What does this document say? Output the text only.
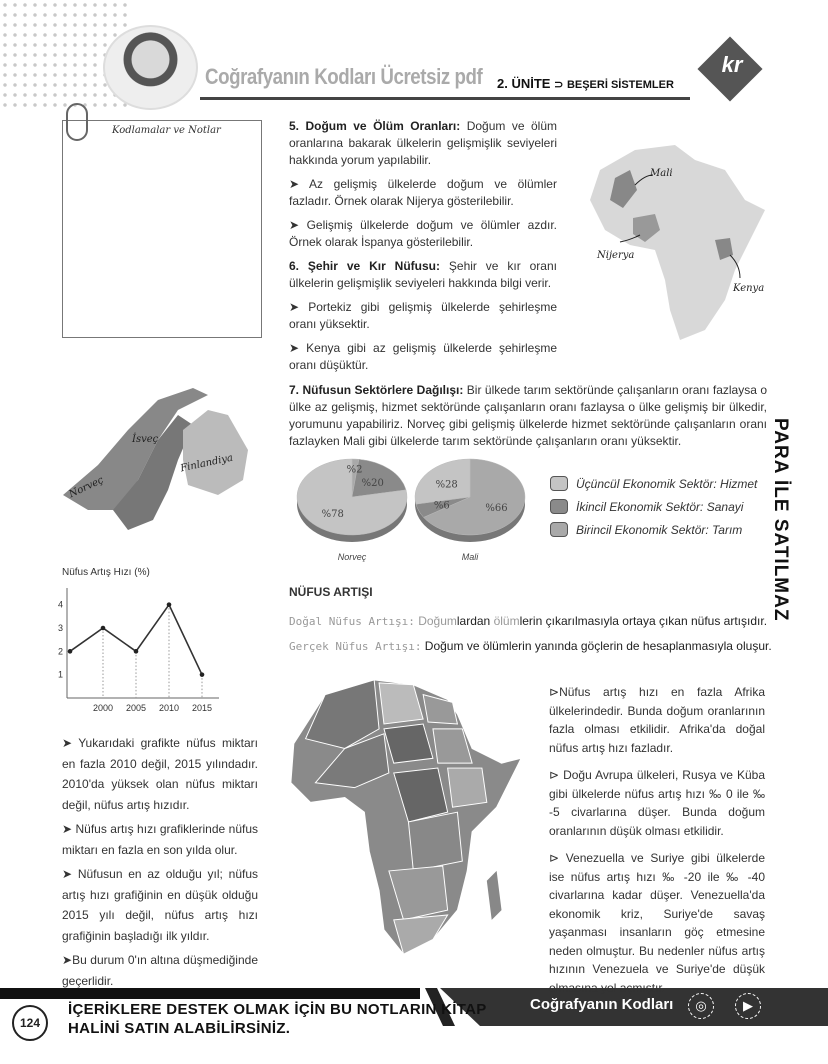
Coğrafyanın Kodları Ücretsiz pdf 2. ÜNİTE ⊃ BEŞERİ SİSTEMLER
kr
Kodlamalar ve Notlar	5. Doğum ve Ölüm Oranları: Doğum ve ölüm oranlarına bakarak ülkelerin gelişmişlik seviyeleri hakkında yorum yapılabilir.

➤ Az gelişmiş ülkelerde doğum ve ölümler fazladır. Örnek olarak Nijerya gösterilebilir.

➤ Gelişmiş ülkelerde doğum ve ölümler azdır. Örnek olarak İspanya gösterilebilir.

6. Şehir ve Kır Nüfusu: Şehir ve kır oranı ülkelerin gelişmişlik seviyeleri hakkında bilgi verir.

➤ Portekiz gibi gelişmiş ülkelerde şehirleşme oranı yüksektir.

➤ Kenya gibi az gelişmiş ülkelerde şehirleşme oranı düşüktür.

Mali
Nijerya
Kenya
İsveç
Norveç
Finlandiya
7. Nüfusun Sektörlere Dağılışı: Bir ülkede tarım sektöründe çalışanların oranı fazlaysa o ülke az gelişmiş, hizmet sektöründe çalışanların oranı fazlaysa o ülke gelişmiş bir ülkedir, yorumunu yapabiliriz. Norveç gibi gelişmiş ülkelerde hizmet sektöründe çalışanların oranı fazlayken Mali gibi ülkelerde tarım sektöründe çalışanların oranı yüksektir.
%2
%20
%78
%66
%6
%28
Norveç	Mali
Üçüncül Ekonomik Sektör: Hizmet
İkincil Ekonomik Sektör: Sanayi
Birincil Ekonomik Sektör: Tarım PARA İLE SATILMAZ
Nüfus Artış Hızı (%)
1
2
3
4
2000 2005 2010 2015

➤ Yukarıdaki grafikte nüfus miktarı en fazla 2010 değil, 2015 yılındadır. 2010'da yüksek olan nüfus miktarı değil, nüfus artış hızıdır.

➤ Nüfus artış hızı grafiklerinde nüfus miktarı en fazla en son yılda olur.

➤ Nüfusun en az olduğu yıl; nüfus artış hızı grafiğinin en düşük olduğu 2015 yılı değil, nüfus artış hızı grafiğinin başladığı ilk yıldır.

➤Bu durum 0'ın altına düşmediğinde geçerlidir.

NÜFUS ARTIŞI
Doğal Nüfus Artışı: Doğumlardan ölümlerin çıkarılmasıyla ortaya çıkan nüfus artışıdır.
Gerçek Nüfus Artışı: Doğum ve ölümlerin yanında göçlerin de hesaplanmasıyla oluşur.

⊳Nüfus artış hızı en fazla Afrika ülkelerindedir. Bunda doğum oranlarının fazla olması etkilidir. Afrika'da doğal nüfus artış hızı fazladır.

⊳ Doğu Avrupa ülkeleri, Rusya ve Küba gibi ülkelerde nüfus artış hızı ‰ 0 ile ‰ -5 civarlarına düşer. Bunda doğum oranlarının düşük olması etkilidir.

⊳ Venezuella ve Suriye gibi ülkelerde ise nüfus artış hızı ‰ -20 ile ‰ -40 civarlarına kadar düşer. Venezuella'da ekonomik kriz, Suriye'de savaş yaşanması insanların göç etmesine neden olmuştur. Bu nedenler nüfus artış hızının Venezuela ve Suriye'de düşük olmasına yol açmıştır.

124
İÇERİKLERE DESTEK OLMAK İÇİN BU NOTLARIN KİTAP
HALİNİ SATIN ALABİLİRSİNİZ.
Coğrafyanın Kodları	◎	▶
